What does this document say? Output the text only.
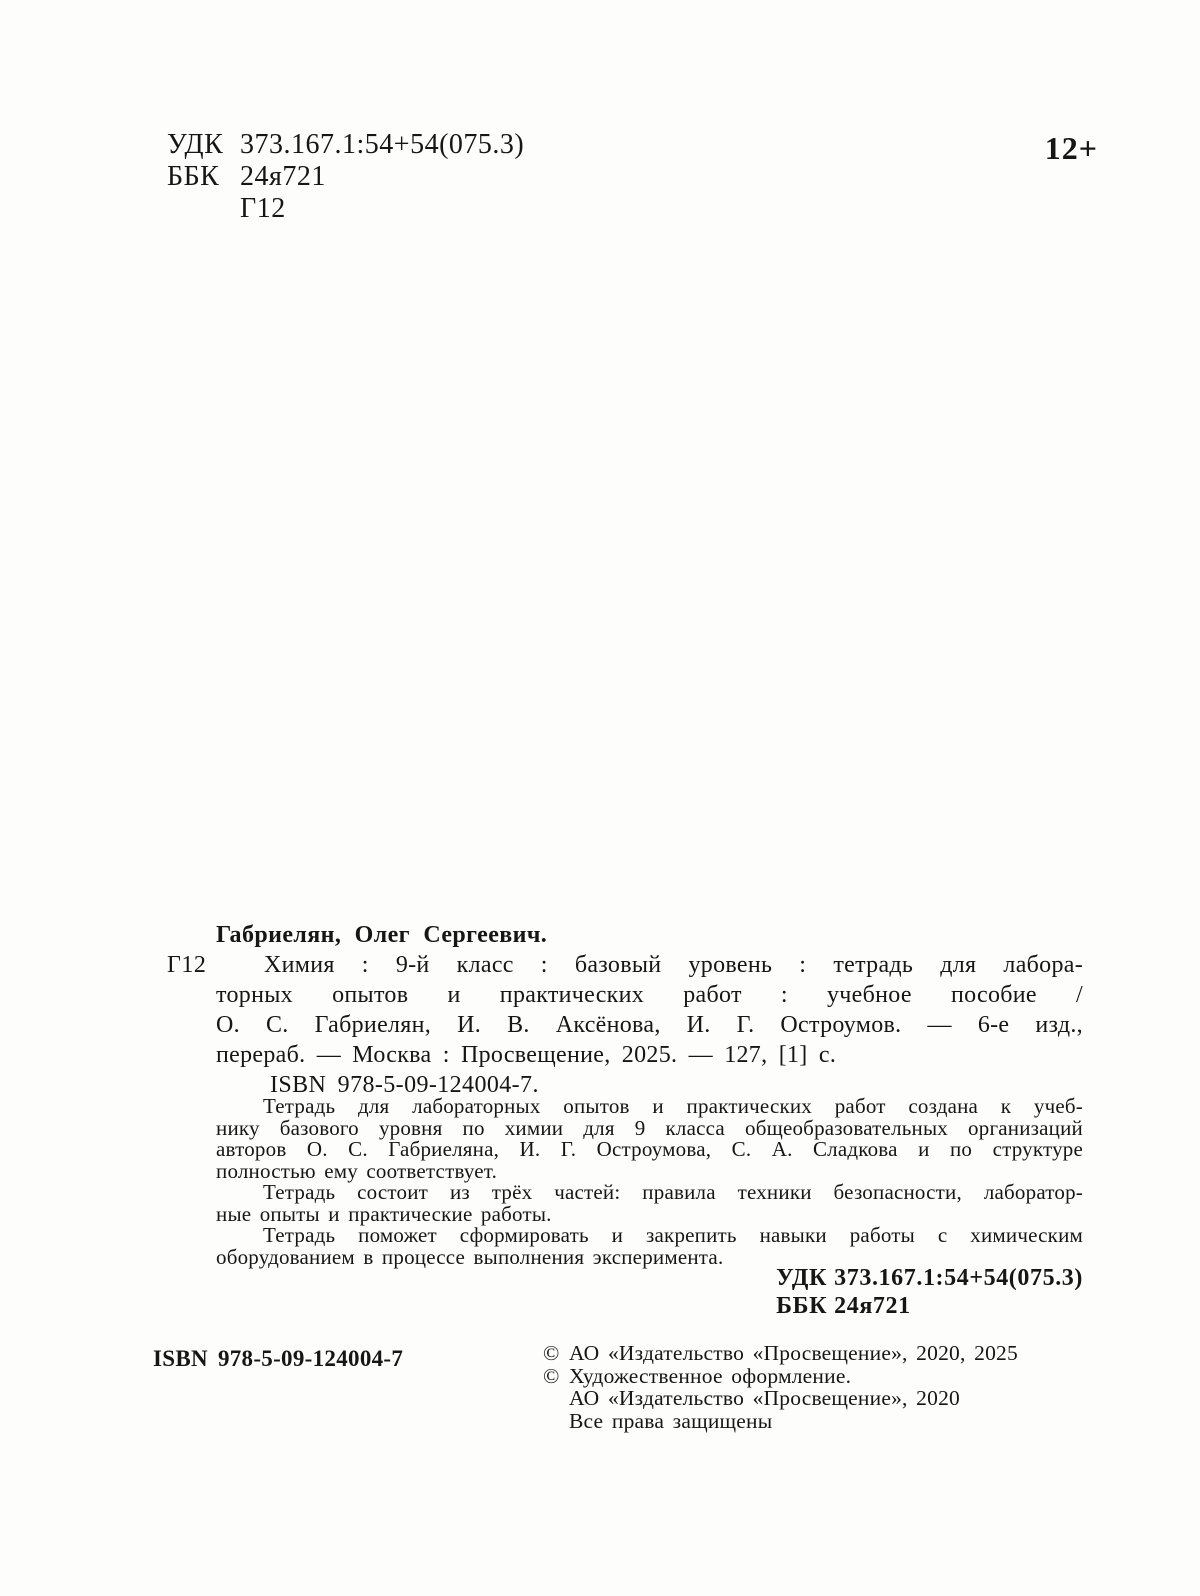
УДК 373.167.1:54+54(075.3)
ББК 24я721
Г12
12+
Габриелян, Олег Сергеевич.
Г12	Химия : 9-й класс : базовый уровень : тетрадь для лабора-
торных опытов и практических работ : учебное пособие /
О. С. Габриелян, И. В. Аксёнова, И. Г. Остроумов. — 6-е изд.,
перераб. — Москва : Просвещение, 2025. — 127, [1] с.
ISBN 978-5-09-124004-7.
Тетрадь для лабораторных опытов и практических работ создана к учеб-
нику базового уровня по химии для 9 класса общеобразовательных организаций
авторов О. С. Габриеляна, И. Г. Остроумова, С. А. Сладкова и по структуре
полностью ему соответствует.
Тетрадь состоит из трёх частей: правила техники безопасности, лаборатор-
ные опыты и практические работы.
Тетрадь поможет сформировать и закрепить навыки работы с химическим
оборудованием в процессе выполнения эксперимента.
УДК 373.167.1:54+54(075.3)
ББК 24я721
ISBN 978-5-09-124004-7	© АО «Издательство «Просвещение», 2020, 2025
© Художественное оформление.
АО «Издательство «Просвещение», 2020
Все права защищены
